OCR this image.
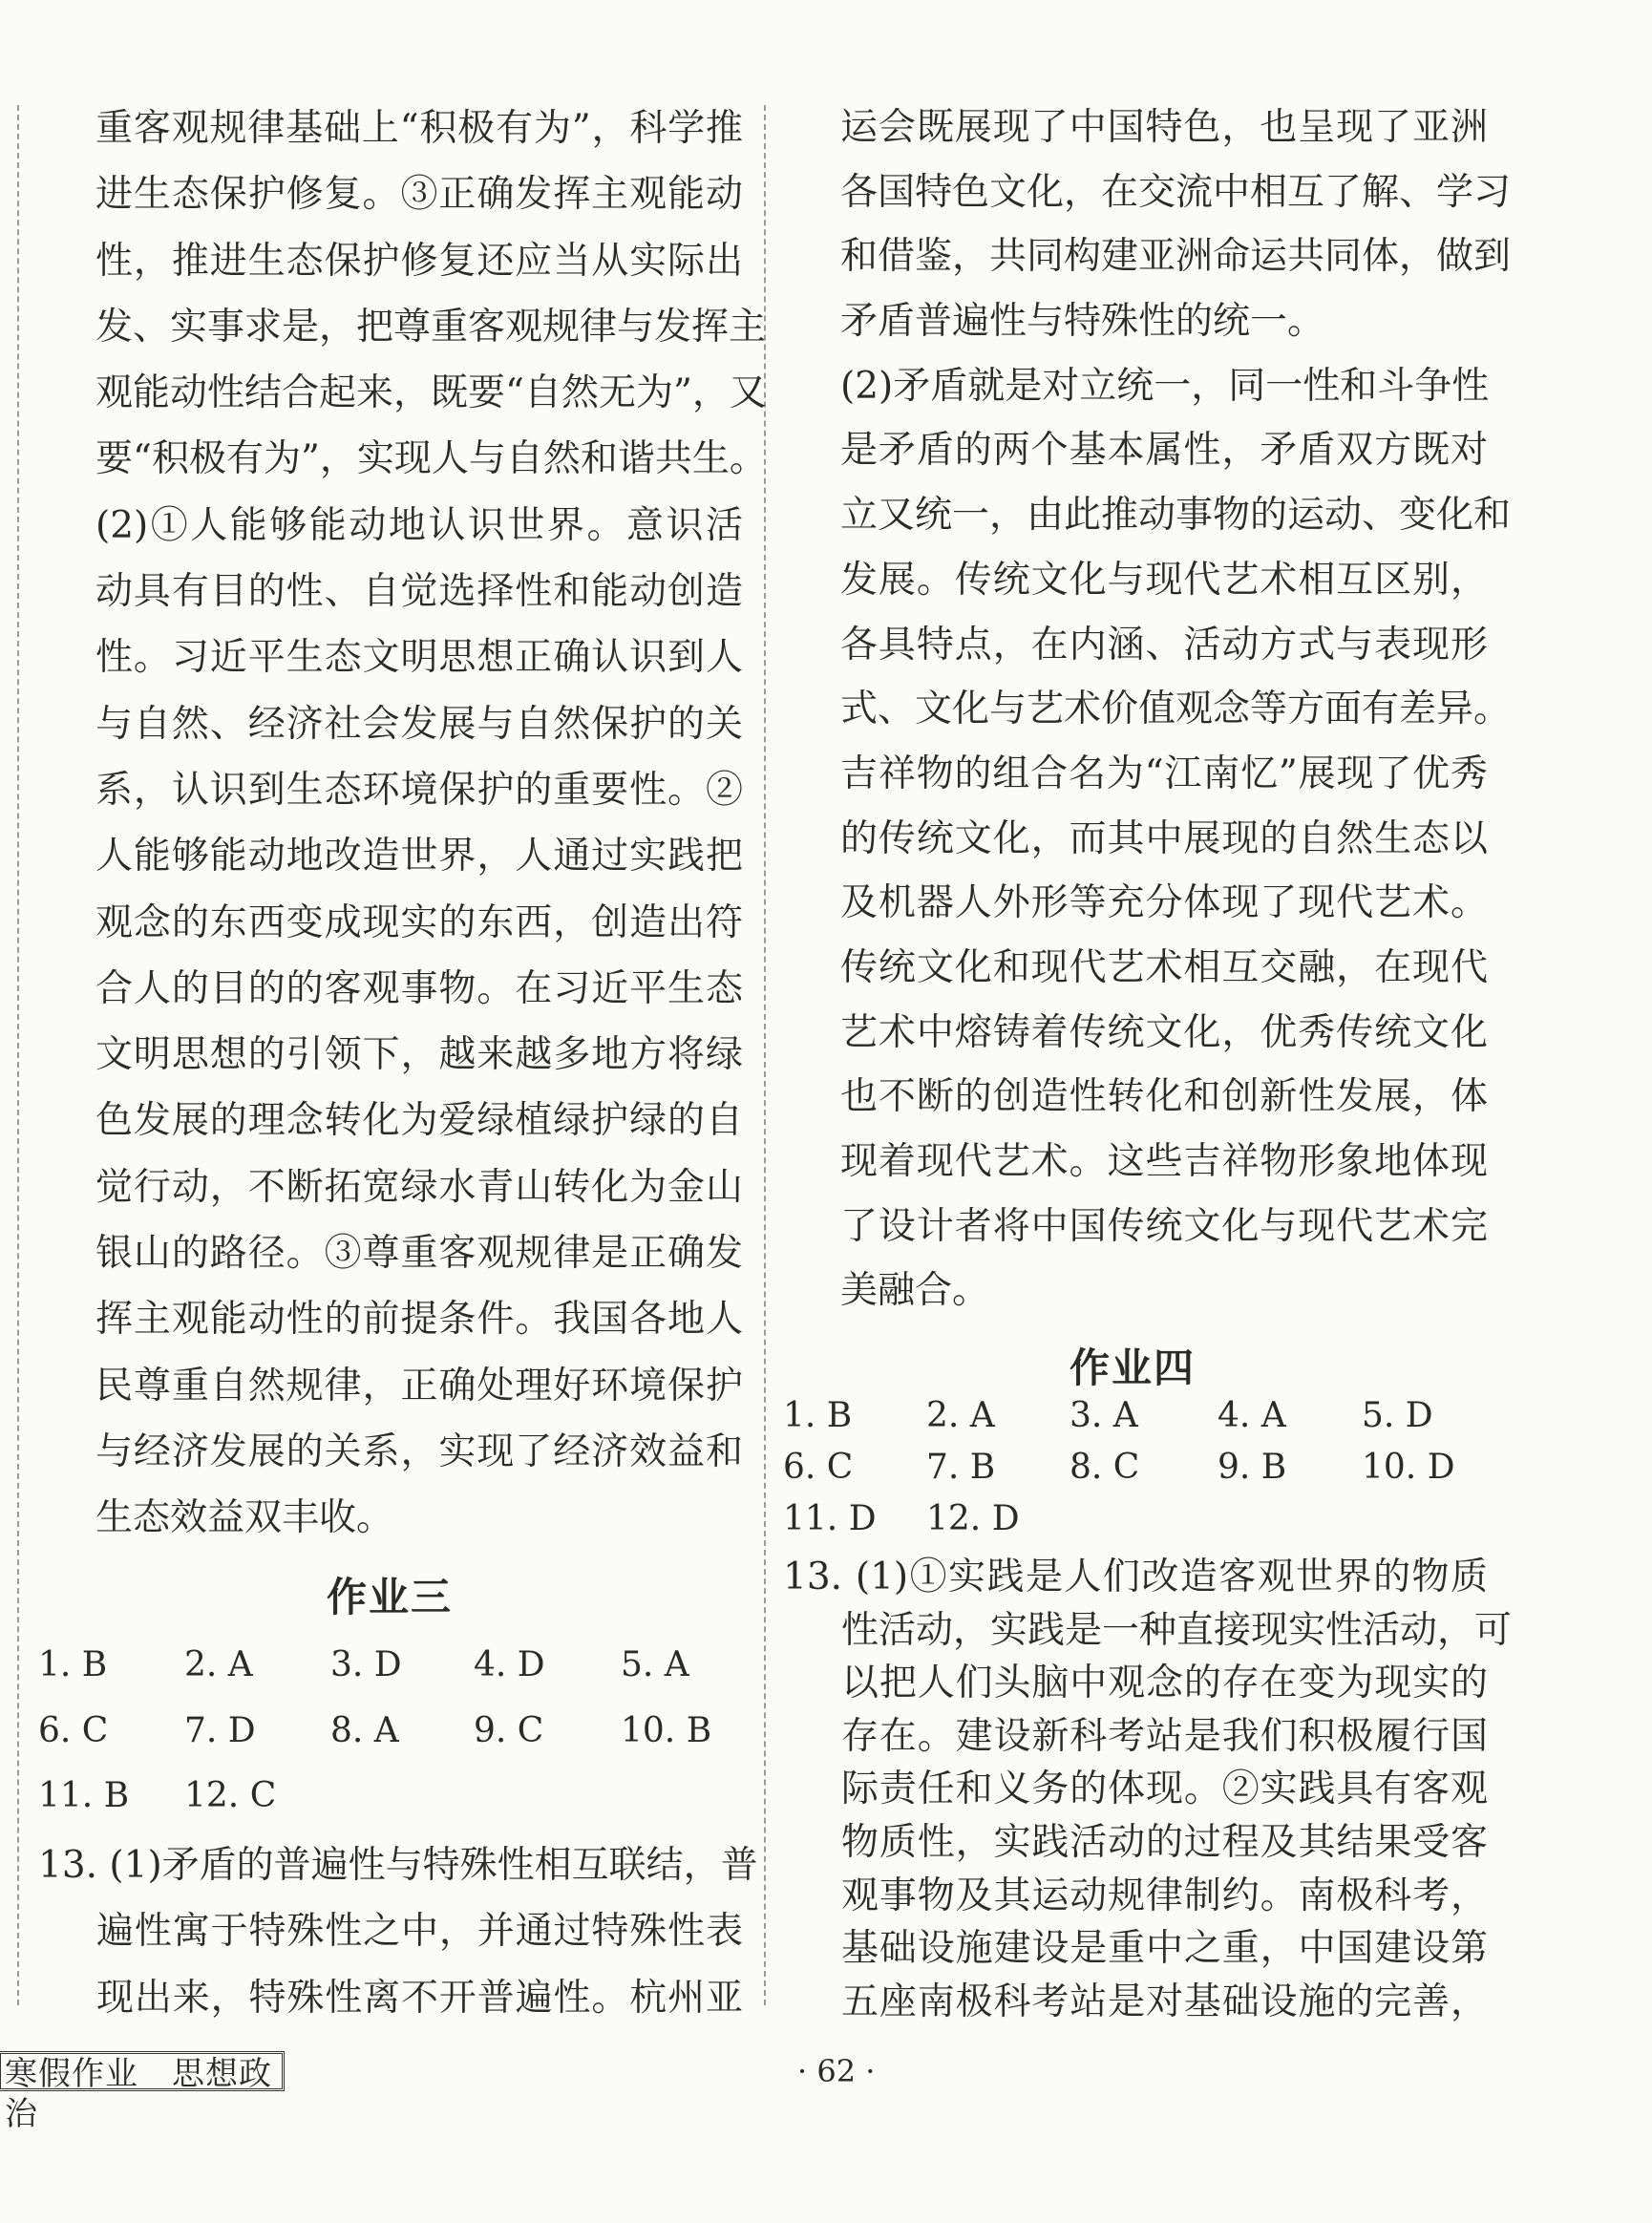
重客观规律基础上“积极有为”，科学推
进生态保护修复。③正确发挥主观能动
性，推进生态保护修复还应当从实际出
发、实事求是，把尊重客观规律与发挥主
观能动性结合起来，既要“自然无为”，又
要“积极有为”，实现人与自然和谐共生。
(2)①人能够能动地认识世界。意识活
动具有目的性、自觉选择性和能动创造
性。习近平生态文明思想正确认识到人
与自然、经济社会发展与自然保护的关
系，认识到生态环境保护的重要性。②
人能够能动地改造世界，人通过实践把
观念的东西变成现实的东西，创造出符
合人的目的的客观事物。在习近平生态
文明思想的引领下，越来越多地方将绿
色发展的理念转化为爱绿植绿护绿的自
觉行动，不断拓宽绿水青山转化为金山
银山的路径。③尊重客观规律是正确发
挥主观能动性的前提条件。我国各地人
民尊重自然规律，正确处理好环境保护
与经济发展的关系，实现了经济效益和
生态效益双丰收。
作业三
1. B 2. A 3. D 4. D 5. A
6. C 7. D 8. A 9. C 10. B
11. B 12. C
13. (1)矛盾的普遍性与特殊性相互联结，普
遍性寓于特殊性之中，并通过特殊性表
现出来，特殊性离不开普遍性。杭州亚
运会既展现了中国特色，也呈现了亚洲
各国特色文化，在交流中相互了解、学习
和借鉴，共同构建亚洲命运共同体，做到
矛盾普遍性与特殊性的统一。
(2)矛盾就是对立统一，同一性和斗争性
是矛盾的两个基本属性，矛盾双方既对
立又统一，由此推动事物的运动、变化和
发展。传统文化与现代艺术相互区别，
各具特点，在内涵、活动方式与表现形
式、文化与艺术价值观念等方面有差异。
吉祥物的组合名为“江南忆”展现了优秀
的传统文化，而其中展现的自然生态以
及机器人外形等充分体现了现代艺术。
传统文化和现代艺术相互交融，在现代
艺术中熔铸着传统文化，优秀传统文化
也不断的创造性转化和创新性发展，体
现着现代艺术。这些吉祥物形象地体现
了设计者将中国传统文化与现代艺术完
美融合。
作业四
1. B 2. A 3. A 4. A 5. D
6. C 7. B 8. C 9. B 10. D
11. D 12. D
13. (1)①实践是人们改造客观世界的物质
性活动，实践是一种直接现实性活动，可
以把人们头脑中观念的存在变为现实的
存在。建设新科考站是我们积极履行国
际责任和义务的体现。②实践具有客观
物质性，实践活动的过程及其结果受客
观事物及其运动规律制约。南极科考，
基础设施建设是重中之重，中国建设第
五座南极科考站是对基础设施的完善，
寒假作业　思想政治
· 62 ·
